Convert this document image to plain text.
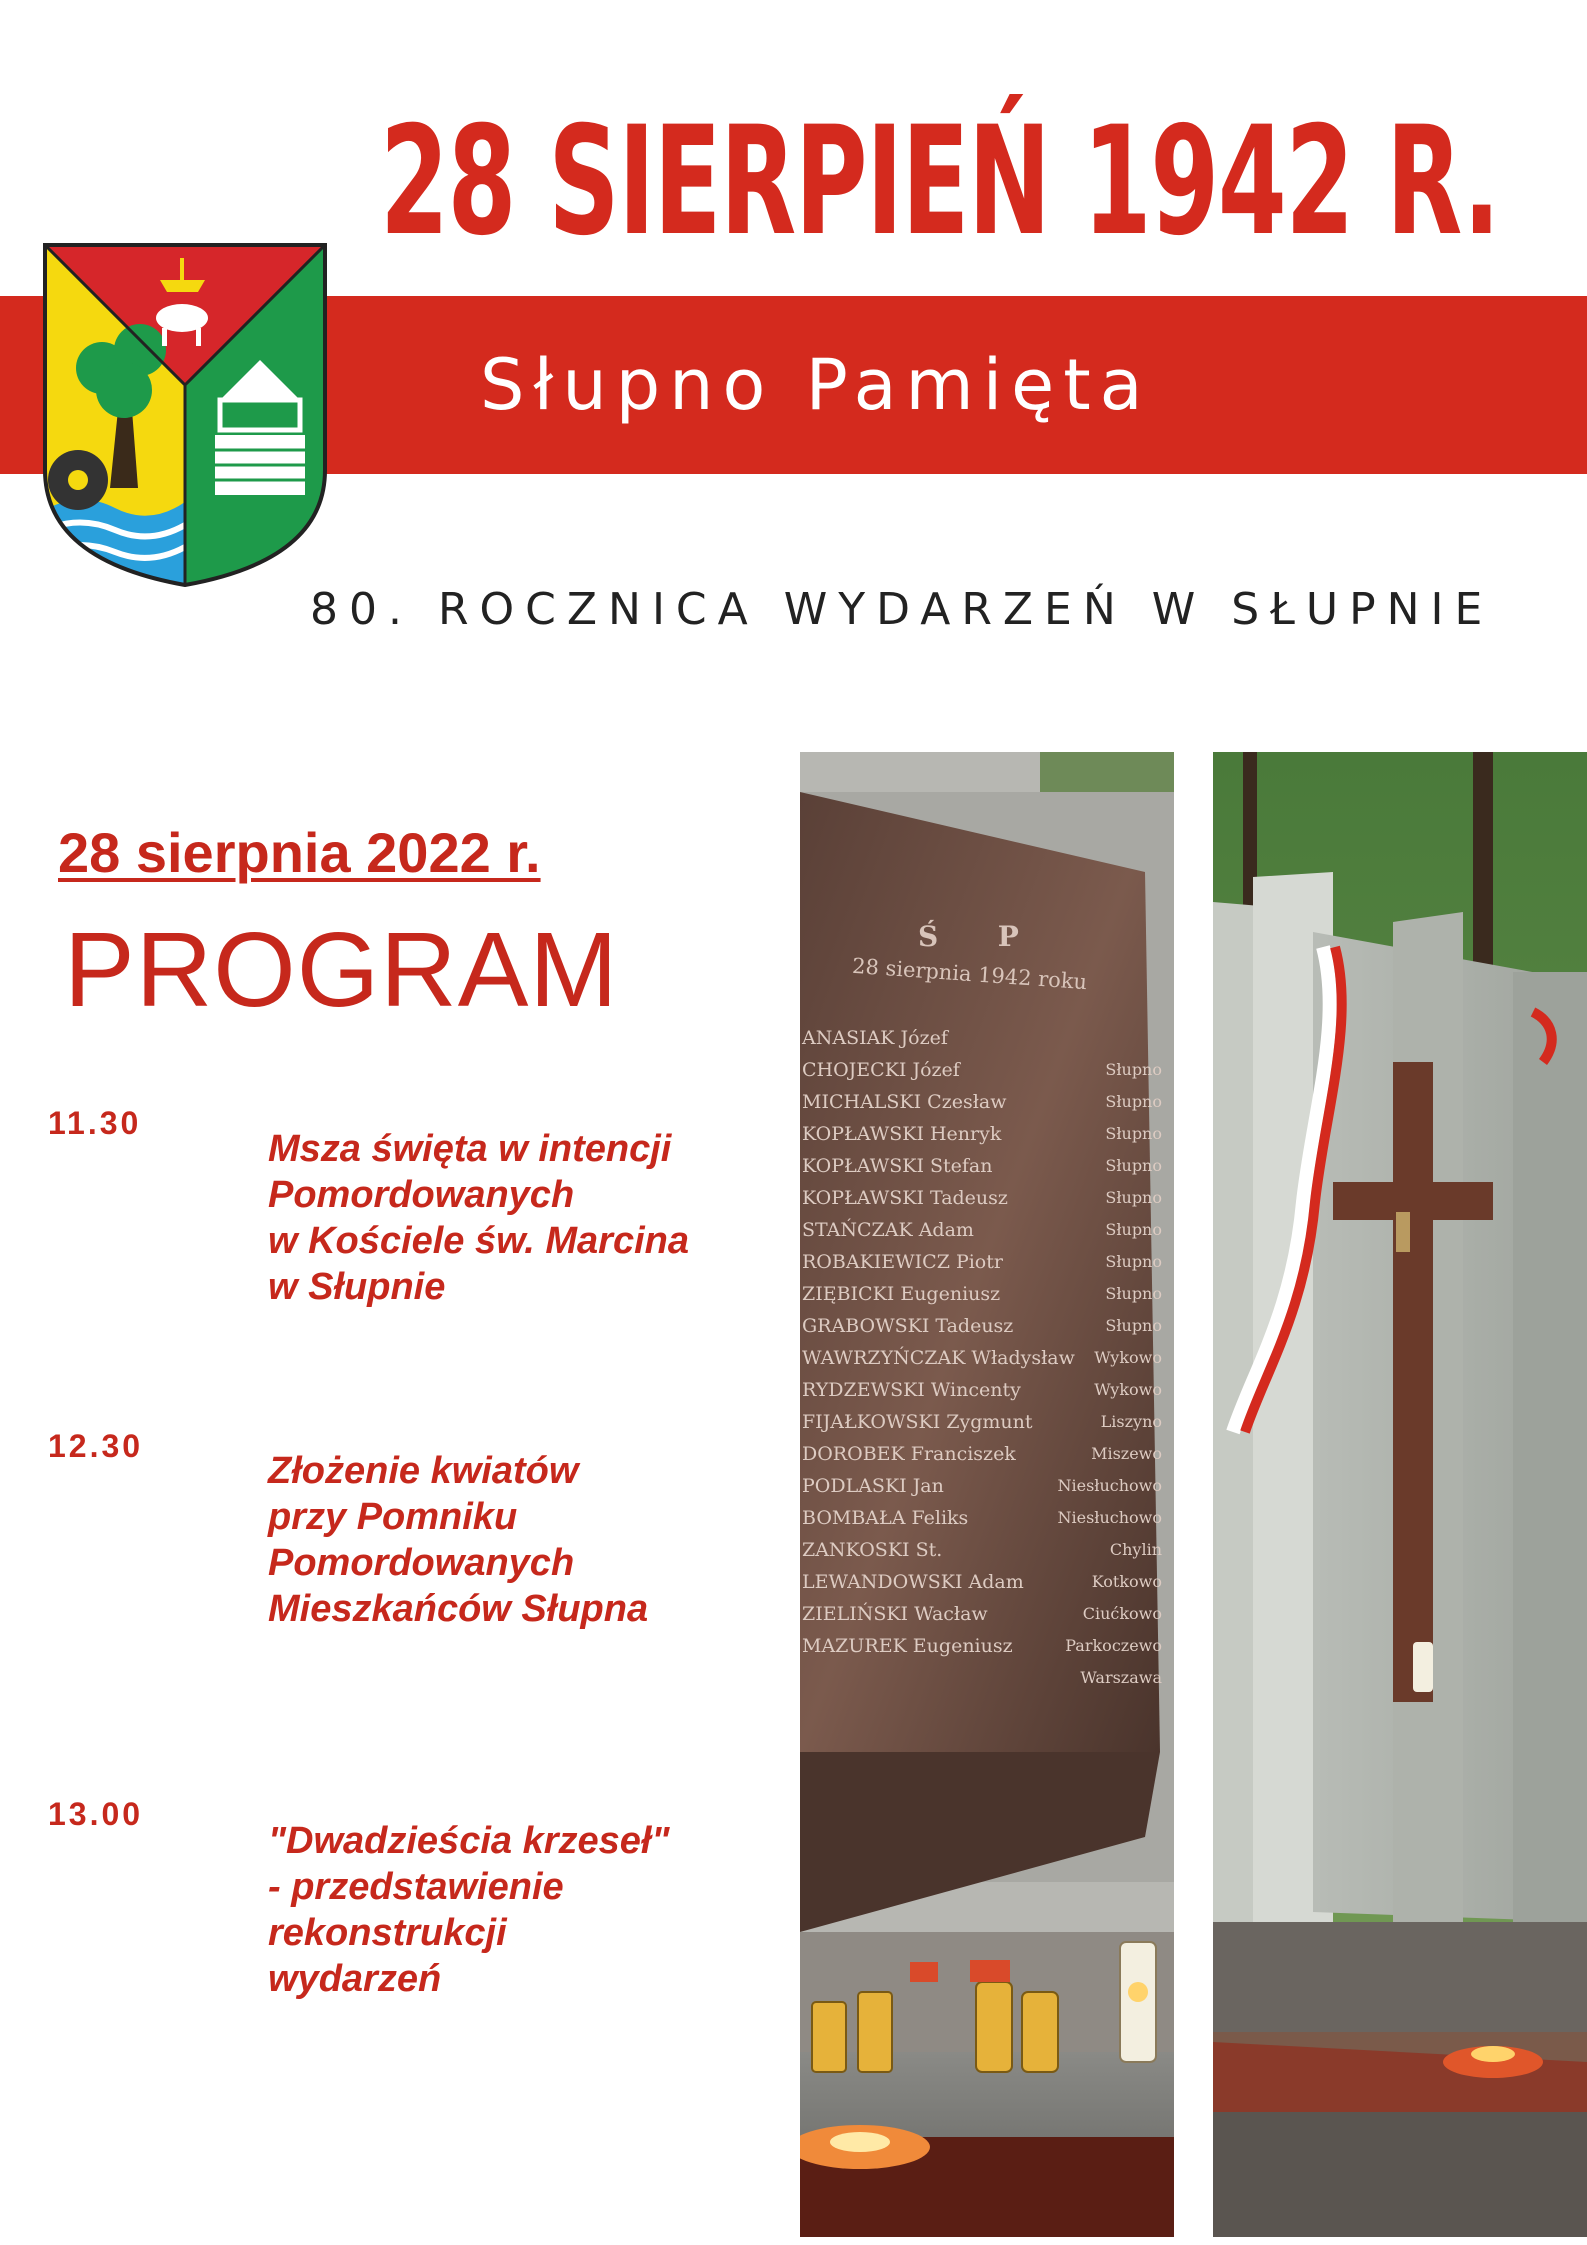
28 SIERPIEŃ 1942 R.
Słupno Pamięta
80. ROCZNICA WYDARZEŃ W SŁUPNIE
28 sierpnia 2022 r.
PROGRAM
11.30
Msza święta w intencji
Pomordowanych
w Kościele św. Marcina
w Słupnie
12.30
Złożenie kwiatów
przy Pomniku
Pomordowanych
Mieszkańców Słupna
13.00
"Dwadzieścia krzeseł"
- przedstawienie
rekonstrukcji
wydarzeń
Ś P
28 sierpnia 1942 roku
ANASIAK Józef
CHOJECKI Józef	Słupno
MICHALSKI Czesław	Słupno
KOPŁAWSKI Henryk	Słupno
KOPŁAWSKI Stefan	Słupno
KOPŁAWSKI Tadeusz	Słupno
STAŃCZAK Adam	Słupno
ROBAKIEWICZ Piotr	Słupno
ZIĘBICKI Eugeniusz	Słupno
GRABOWSKI Tadeusz	Słupno
WAWRZYŃCZAK Władysław Wykowo
RYDZEWSKI Wincenty	Wykowo
FIJAŁKOWSKI Zygmunt	Liszyno
DOROBEK Franciszek	Miszewo
PODLASKI Jan	Niesłuchowo
BOMBAŁA Feliks	Niesłuchowo
ZANKOSKI St.	Chylin
LEWANDOWSKI Adam	Kotkowo
ZIELIŃSKI Wacław	Ciućkowo
MAZUREK Eugeniusz	Parkoczewo
Warszawa
